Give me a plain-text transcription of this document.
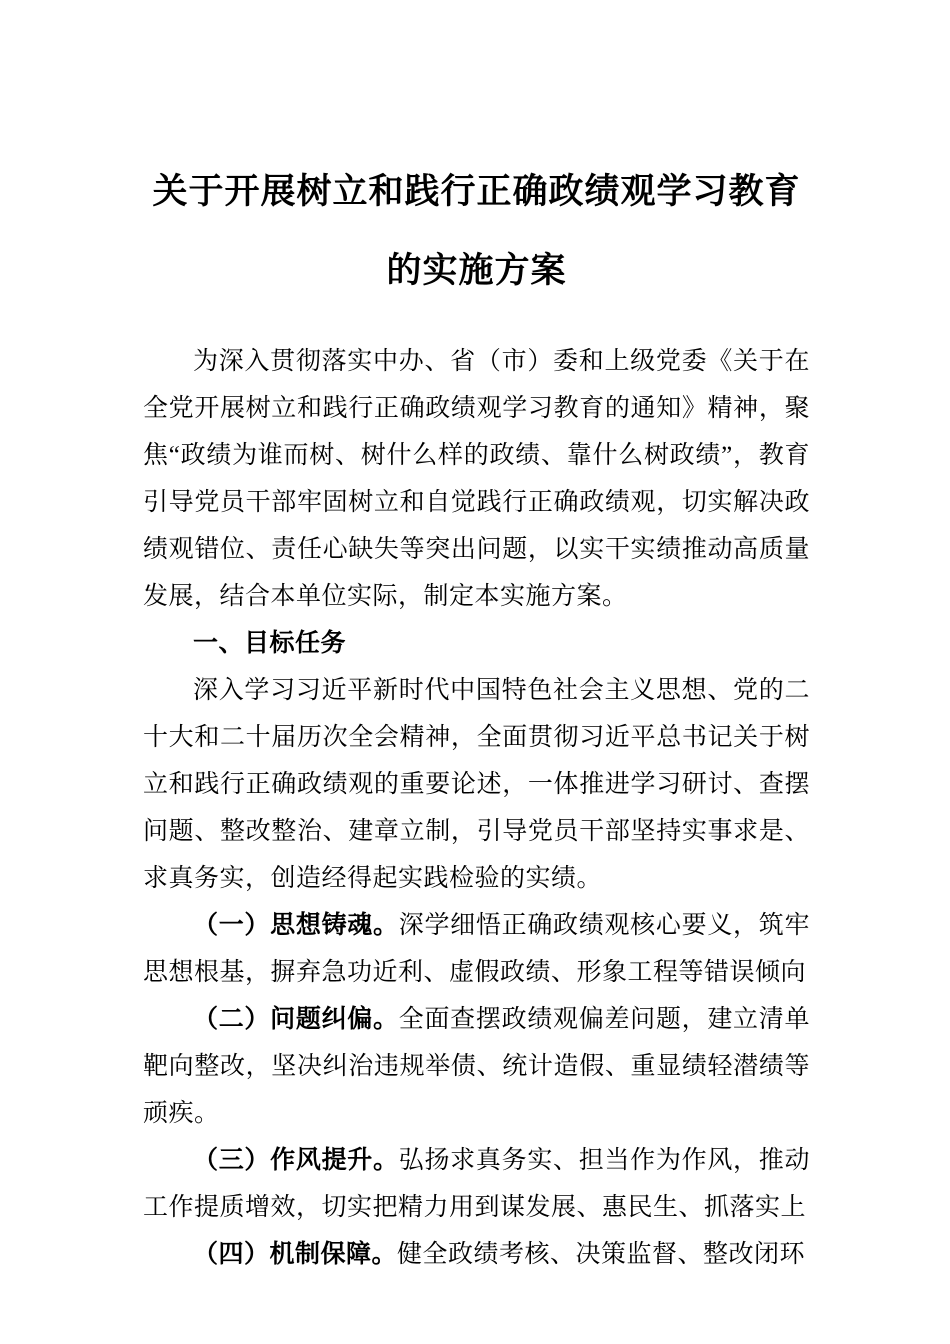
关于开展树立和践行正确政绩观学习教育
的实施方案

为深入贯彻落实中办、省（市）委和上级党委《关于在全党开展树立和践行正确政绩观学习教育的通知》精神，聚焦“政绩为谁而树、树什么样的政绩、靠什么树政绩”，教育引导党员干部牢固树立和自觉践行正确政绩观，切实解决政绩观错位、责任心缺失等突出问题，以实干实绩推动高质量发展，结合本单位实际，制定本实施方案。

一、目标任务

深入学习习近平新时代中国特色社会主义思想、党的二十大和二十届历次全会精神，全面贯彻习近平总书记关于树立和践行正确政绩观的重要论述，一体推进学习研讨、查摆问题、整改整治、建章立制，引导党员干部坚持实事求是、求真务实，创造经得起实践检验的实绩。

（一）思想铸魂。深学细悟正确政绩观核心要义，筑牢思想根基，摒弃急功近利、虚假政绩、形象工程等错误倾向

（二）问题纠偏。全面查摆政绩观偏差问题，建立清单靶向整改，坚决纠治违规举债、统计造假、重显绩轻潜绩等顽疾。

（三）作风提升。弘扬求真务实、担当作为作风，推动工作提质增效，切实把精力用到谋发展、惠民生、抓落实上

（四）机制保障。健全政绩考核、决策监督、整改闭环
